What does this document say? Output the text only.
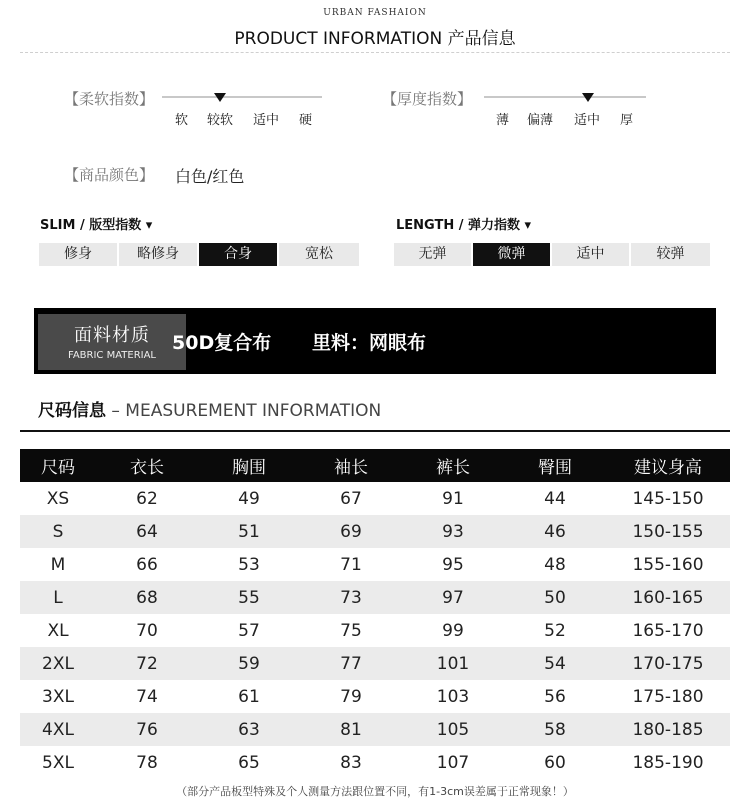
URBAN FASHAION
PRODUCT INFORMATION 产品信息
【柔软指数】
软 较软 适中 硬
【厚度指数】
薄 偏薄 适中 厚
【商品颜色】 白色/红色
SLIM / 版型指数 ▾
修身	略修身	合身	宽松
LENGTH / 弹力指数 ▾
无弹	微弹	适中	较弹
面料材质
FABRIC MATERIAL
50D复合布 里料：网眼布
尺码信息 – MEASUREMENT INFORMATION
尺码	衣长	胸围	袖长	裤长	臀围	建议身高
XS	62	49	67	91	44	145-150
S	64	51	69	93	46	150-155
M	66	53	71	95	48	155-160
L	68	55	73	97	50	160-165
XL	70	57	75	99	52	165-170
2XL	72	59	77	101	54	170-175
3XL	74	61	79	103	56	175-180
4XL	76	63	81	105	58	180-185
5XL	78	65	83	107	60	185-190
（部分产品板型特殊及个人测量方法跟位置不同，有1-3cm误差属于正常现象！）
